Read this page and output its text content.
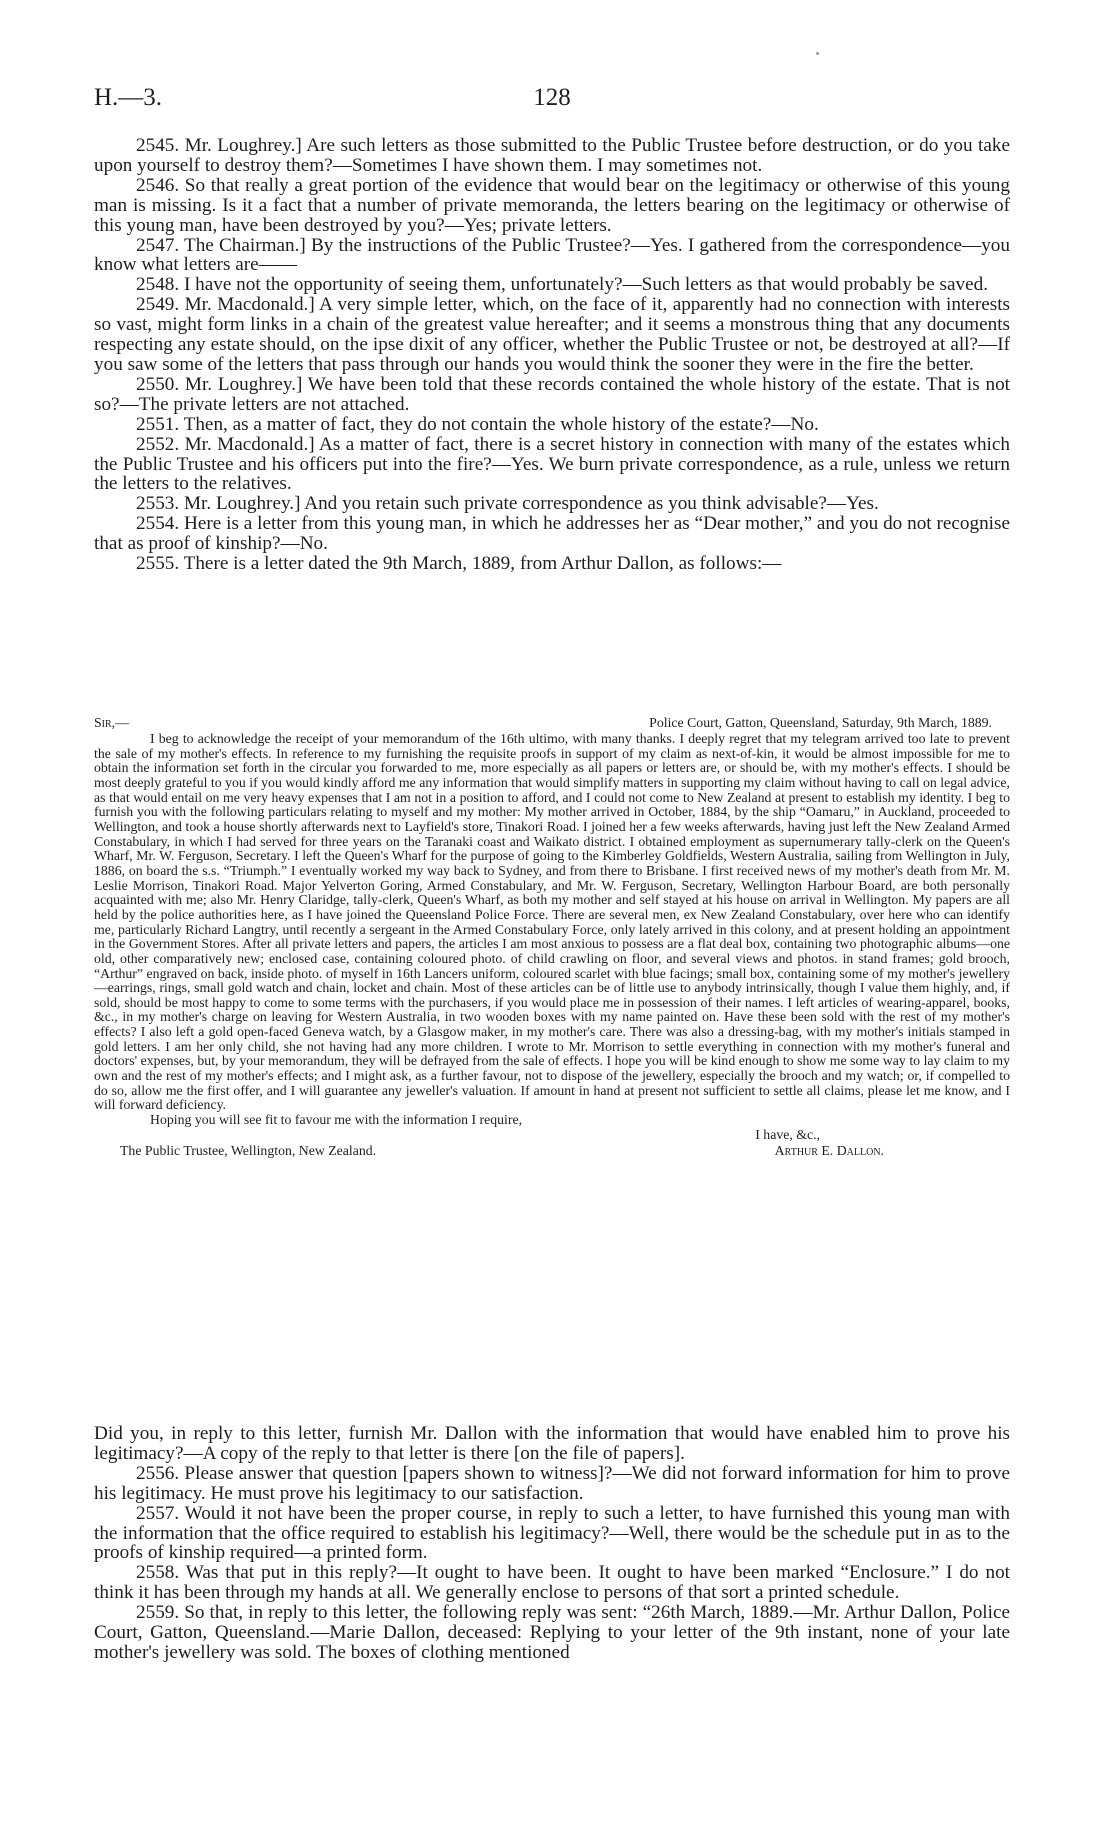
H.—3.	128

2545. Mr. Loughrey.] Are such letters as those submitted to the Public Trustee before destruction, or do you take upon yourself to destroy them?—Sometimes I have shown them. I may sometimes not.

2546. So that really a great portion of the evidence that would bear on the legitimacy or otherwise of this young man is missing. Is it a fact that a number of private memoranda, the letters bearing on the legitimacy or otherwise of this young man, have been destroyed by you?—Yes; private letters.

2547. The Chairman.] By the instructions of the Public Trustee?—Yes. I gathered from the correspondence—you know what letters are——

2548. I have not the opportunity of seeing them, unfortunately?—Such letters as that would probably be saved.

2549. Mr. Macdonald.] A very simple letter, which, on the face of it, apparently had no connection with interests so vast, might form links in a chain of the greatest value hereafter; and it seems a monstrous thing that any documents respecting any estate should, on the ipse dixit of any officer, whether the Public Trustee or not, be destroyed at all?—If you saw some of the letters that pass through our hands you would think the sooner they were in the fire the better.

2550. Mr. Loughrey.] We have been told that these records contained the whole history of the estate. That is not so?—The private letters are not attached.

2551. Then, as a matter of fact, they do not contain the whole history of the estate?—No.

2552. Mr. Macdonald.] As a matter of fact, there is a secret history in connection with many of the estates which the Public Trustee and his officers put into the fire?—Yes. We burn private correspondence, as a rule, unless we return the letters to the relatives.

2553. Mr. Loughrey.] And you retain such private correspondence as you think advisable?—Yes.

2554. Here is a letter from this young man, in which he addresses her as “Dear mother,” and you do not recognise that as proof of kinship?—No.

2555. There is a letter dated the 9th March, 1889, from Arthur Dallon, as follows:—

Sir,—	Police Court, Gatton, Queensland, Saturday, 9th March, 1889.

I beg to acknowledge the receipt of your memorandum of the 16th ultimo, with many thanks. I deeply regret that my telegram arrived too late to prevent the sale of my mother's effects. In reference to my furnishing the requisite proofs in support of my claim as next-of-kin, it would be almost impossible for me to obtain the information set forth in the circular you forwarded to me, more especially as all papers or letters are, or should be, with my mother's effects. I should be most deeply grateful to you if you would kindly afford me any information that would simplify matters in supporting my claim without having to call on legal advice, as that would entail on me very heavy expenses that I am not in a position to afford, and I could not come to New Zealand at present to establish my identity. I beg to furnish you with the following particulars relating to myself and my mother: My mother arrived in October, 1884, by the ship “Oamaru,” in Auckland, proceeded to Wellington, and took a house shortly afterwards next to Layfield's store, Tinakori Road. I joined her a few weeks afterwards, having just left the New Zealand Armed Constabulary, in which I had served for three years on the Taranaki coast and Waikato district. I obtained employment as supernumerary tally-clerk on the Queen's Wharf, Mr. W. Ferguson, Secretary. I left the Queen's Wharf for the purpose of going to the Kimberley Goldfields, Western Australia, sailing from Wellington in July, 1886, on board the s.s. “Triumph.” I eventually worked my way back to Sydney, and from there to Brisbane. I first received news of my mother's death from Mr. M. Leslie Morrison, Tinakori Road. Major Yelverton Goring, Armed Constabulary, and Mr. W. Ferguson, Secretary, Wellington Harbour Board, are both personally acquainted with me; also Mr. Henry Claridge, tally-clerk, Queen's Wharf, as both my mother and self stayed at his house on arrival in Wellington. My papers are all held by the police authorities here, as I have joined the Queensland Police Force. There are several men, ex New Zealand Constabulary, over here who can identify me, particularly Richard Langtry, until recently a sergeant in the Armed Constabulary Force, only lately arrived in this colony, and at present holding an appointment in the Government Stores. After all private letters and papers, the articles I am most anxious to possess are a flat deal box, containing two photographic albums—one old, other comparatively new; enclosed case, containing coloured photo. of child crawling on floor, and several views and photos. in stand frames; gold brooch, “Arthur” engraved on back, inside photo. of myself in 16th Lancers uniform, coloured scarlet with blue facings; small box, containing some of my mother's jewellery—earrings, rings, small gold watch and chain, locket and chain. Most of these articles can be of little use to anybody intrinsically, though I value them highly, and, if sold, should be most happy to come to some terms with the purchasers, if you would place me in possession of their names. I left articles of wearing-apparel, books, &c., in my mother's charge on leaving for Western Australia, in two wooden boxes with my name painted on. Have these been sold with the rest of my mother's effects? I also left a gold open-faced Geneva watch, by a Glasgow maker, in my mother's care. There was also a dressing-bag, with my mother's initials stamped in gold letters. I am her only child, she not having had any more children. I wrote to Mr. Morrison to settle everything in connection with my mother's funeral and doctors' expenses, but, by your memorandum, they will be defrayed from the sale of effects. I hope you will be kind enough to show me some way to lay claim to my own and the rest of my mother's effects; and I might ask, as a further favour, not to dispose of the jewellery, especially the brooch and my watch; or, if compelled to do so, allow me the first offer, and I will guarantee any jeweller's valuation. If amount in hand at present not sufficient to settle all claims, please let me know, and I will forward deficiency.

Hoping you will see fit to favour me with the information I require,

I have, &c.,
The Public Trustee, Wellington, New Zealand.	Arthur E. Dallon.

Did you, in reply to this letter, furnish Mr. Dallon with the information that would have enabled him to prove his legitimacy?—A copy of the reply to that letter is there [on the file of papers].

2556. Please answer that question [papers shown to witness]?—We did not forward information for him to prove his legitimacy. He must prove his legitimacy to our satisfaction.

2557. Would it not have been the proper course, in reply to such a letter, to have furnished this young man with the information that the office required to establish his legitimacy?—Well, there would be the schedule put in as to the proofs of kinship required—a printed form.

2558. Was that put in this reply?—It ought to have been. It ought to have been marked “Enclosure.” I do not think it has been through my hands at all. We generally enclose to persons of that sort a printed schedule.

2559. So that, in reply to this letter, the following reply was sent: “26th March, 1889.—Mr. Arthur Dallon, Police Court, Gatton, Queensland.—Marie Dallon, deceased: Replying to your letter of the 9th instant, none of your late mother's jewellery was sold. The boxes of clothing mentioned
